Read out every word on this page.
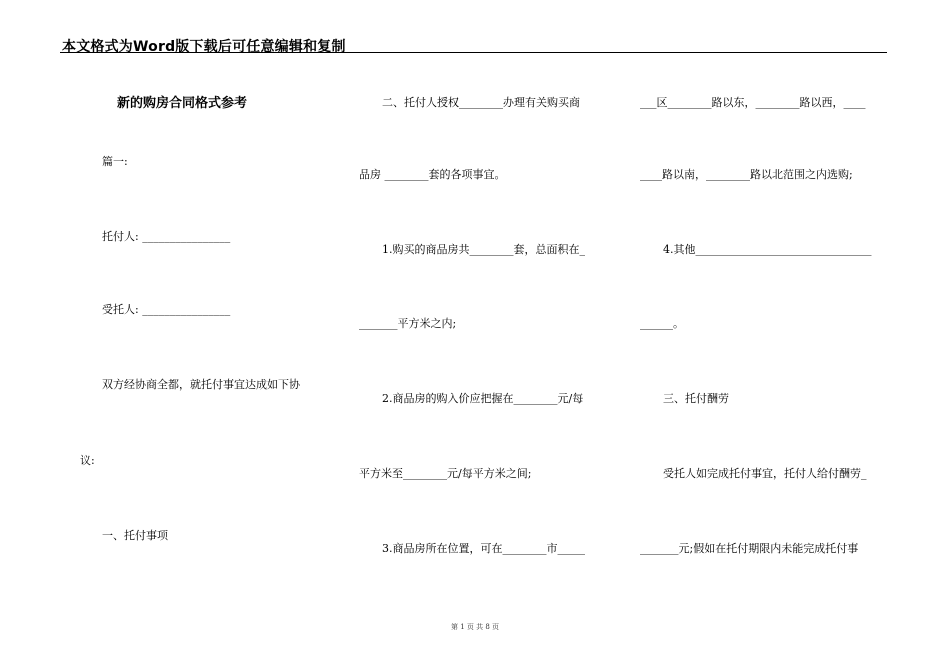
本文格式为Word版下载后可任意编辑和复制
新的购房合同格式参考
篇一:
托付人: ________________
受托人: ________________
双方经协商全都，就托付事宜达成如下协
议:
一、托付事项
二、托付人授权________办理有关购买商
品房 ________套的各项事宜。
1.购买的商品房共________套，总面积在_
_______平方米之内;
2.商品房的购入价应把握在________元/每
平方米至________元/每平方米之间;
3.商品房所在位置，可在________市_____
___区________路以东，________路以西，____
____路以南，________路以北范围之内选购;
4.其他________________________________
______。
三、托付酬劳
受托人如完成托付事宜，托付人给付酬劳_
_______元;假如在托付期限内未能完成托付事
第 1 页 共 8 页
